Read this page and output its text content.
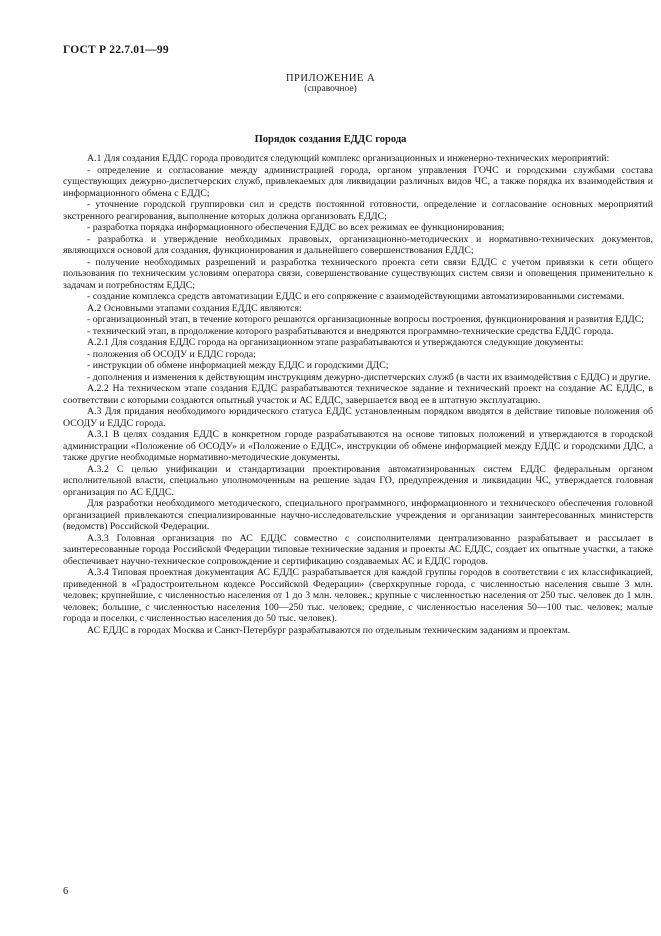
ГОСТ Р 22.7.01—99
ПРИЛОЖЕНИЕ А
(справочное)
Порядок создания ЕДДС города

А.1 Для создания ЕДДС города проводится следующий комплекс организационных и инженерно-технических мероприятий:

- определение и согласование между администрацией города, органом управления ГОЧС и городскими службами состава существующих дежурно-диспетчерских служб, привлекаемых для ликвидации различных видов ЧС, а также порядка их взаимодействия и информационного обмена с ЕДДС;

- уточнение городской группировки сил и средств постоянной готовности, определение и согласование основных мероприятий экстренного реагирования, выполнение которых должна организовать ЕДДС;

- разработка порядка информационного обеспечения ЕДДС во всех режимах ее функционирования;

- разработка и утверждение необходимых правовых, организационно-методических и нормативно-технических документов, являющихся основой для создания, функционирования и дальнейшего совершенствования ЕДДС;

- получение необходимых разрешений и разработка технического проекта сети связи ЕДДС с учетом привязки к сети общего пользования по техническим условиям оператора связи, совершенствование существующих систем связи и оповещения применительно к задачам и потребностям ЕДДС;

- создание комплекса средств автоматизации ЕДДС и его сопряжение с взаимодействующими автоматизированными системами.

А.2 Основными этапами создания ЕДДС являются:

- организационный этап, в течение которого решаются организационные вопросы построения, функционирования и развития ЕДДС;

- технический этап, в продолжение которого разрабатываются и внедряются программно-технические средства ЕДДС города.

А.2.1 Для создания ЕДДС города на организационном этапе разрабатываются и утверждаются следующие документы:

- положения об ОСОДУ и ЕДДС города;

- инструкции об обмене информацией между ЕДДС и городскими ДДС;

- дополнения и изменения к действующим инструкциям дежурно-диспетчерских служб (в части их взаимодействия с ЕДДС) и другие.

А.2.2 На техническом этапе создания ЕДДС разрабатываются техническое задание и технический проект на создание АС ЕДДС, в соответствии с которыми создаются опытный участок и АС ЕДДС, завершается ввод ее в штатную эксплуатацию.

А.3 Для придания необходимого юридического статуса ЕДДС установленным порядком вводятся в действие типовые положения об ОСОДУ и ЕДДС города.

А.3.1 В целях создания ЕДДС в конкретном городе разрабатываются на основе типовых положений и утверждаются в городской администрации «Положение об ОСОДУ» и «Положение о ЕДДС», инструкции об обмене информацией между ЕДДС и городскими ДДС, а также другие необходимые нормативно-методические документы.

А.3.2 С целью унификации и стандартизации проектирования автоматизированных систем ЕДДС федеральным органом исполнительной власти, специально уполномоченным на решение задач ГО, предупреждения и ликвидации ЧС, утверждается головная организация по АС ЕДДС.

Для разработки необходимого методического, специального программного, информационного и технического обеспечения головной организацией привлекаются специализированные научно-исследовательские учреждения и организации заинтересованных министерств (ведомств) Российской Федерации.

А.3.3 Головная организация по АС ЕДДС совместно с соисполнителями централизованно разрабатывает и рассылает в заинтересованные города Российской Федерации типовые технические задания и проекты АС ЕДДС, создает их опытные участки, а также обеспечивает научно-техническое сопровождение и сертификацию создаваемых АС и ЕДДС городов.

А.3.4 Типовая проектная документация АС ЕДДС разрабатывается для каждой группы городов в соответствии с их классификацией, приведенной в «Градостроительном кодексе Российской Федерации» (сверхкрупные города, с численностью населения свыше 3 млн. человек; крупнейшие, с численностью населения от 1 до 3 млн. человек.; крупные с численностью населения от 250 тыс. человек до 1 млн. человек; большие, с численностью населения 100—250 тыс. человек; средние, с численностью населения 50—100 тыс. человек; малые города и поселки, с численностью населения до 50 тыс. человек).

АС ЕДДС в городах Москва и Санкт-Петербург разрабатываются по отдельным техническим заданиям и проектам.

6
